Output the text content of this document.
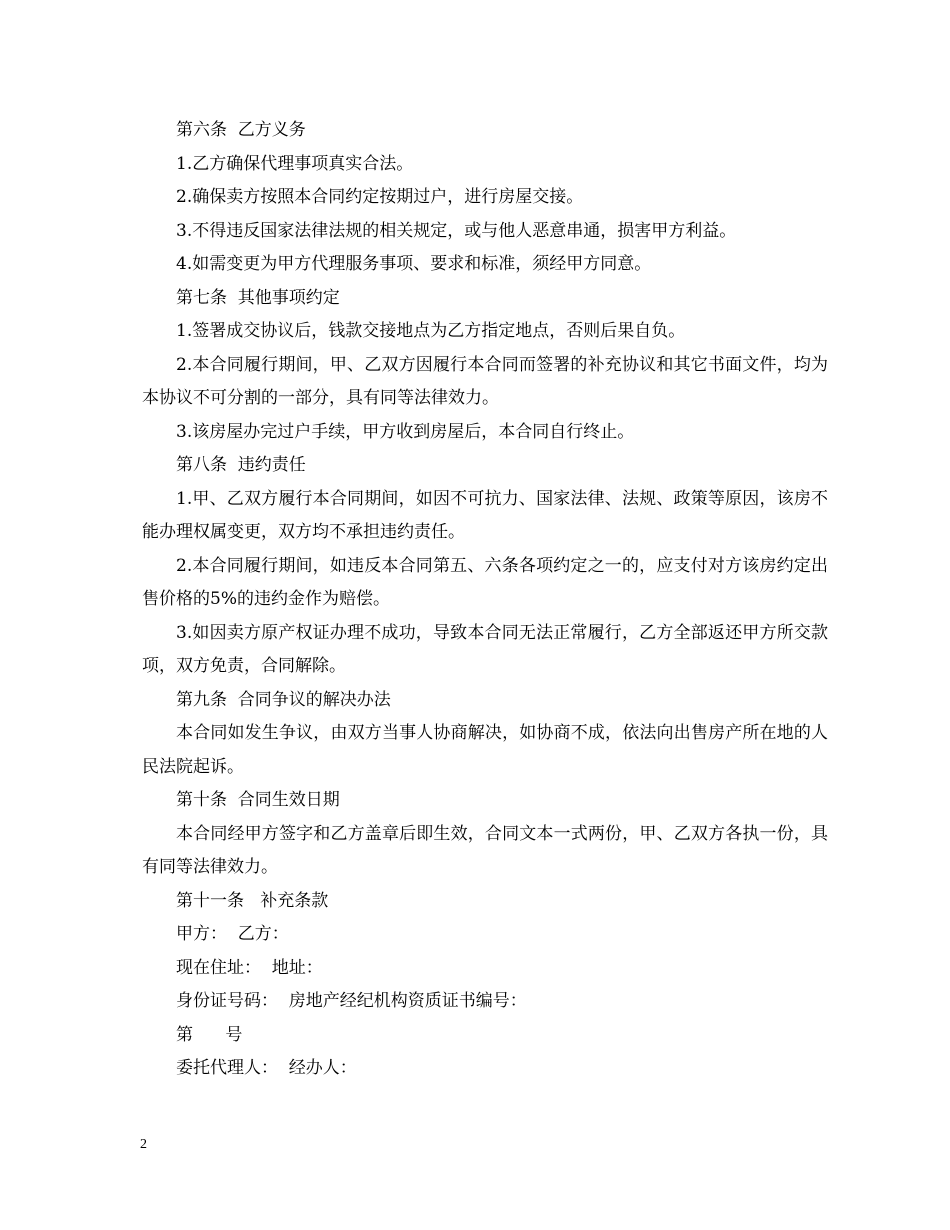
第六条  乙方义务

1.乙方确保代理事项真实合法。

2.确保卖方按照本合同约定按期过户，进行房屋交接。

3.不得违反国家法律法规的相关规定，或与他人恶意串通，损害甲方利益。

4.如需变更为甲方代理服务事项、要求和标准，须经甲方同意。

第七条  其他事项约定

1.签署成交协议后，钱款交接地点为乙方指定地点，否则后果自负。

2.本合同履行期间，甲、乙双方因履行本合同而签署的补充协议和其它书面文件，均为本协议不可分割的一部分，具有同等法律效力。

3.该房屋办完过户手续，甲方收到房屋后，本合同自行终止。

第八条  违约责任

1.甲、乙双方履行本合同期间，如因不可抗力、国家法律、法规、政策等原因，该房不能办理权属变更，双方均不承担违约责任。

2.本合同履行期间，如违反本合同第五、六条各项约定之一的，应支付对方该房约定出售价格的5%的违约金作为赔偿。

3.如因卖方原产权证办理不成功，导致本合同无法正常履行，乙方全部返还甲方所交款项，双方免责，合同解除。

第九条  合同争议的解决办法

本合同如发生争议，由双方当事人协商解决，如协商不成，依法向出售房产所在地的人民法院起诉。

第十条  合同生效日期

本合同经甲方签字和乙方盖章后即生效，合同文本一式两份，甲、乙双方各执一份，具有同等法律效力。

第十一条   补充条款

甲方：  乙方：

现在住址：  地址：

身份证号码：  房地产经纪机构资质证书编号：

第      号

委托代理人：  经办人：

2
